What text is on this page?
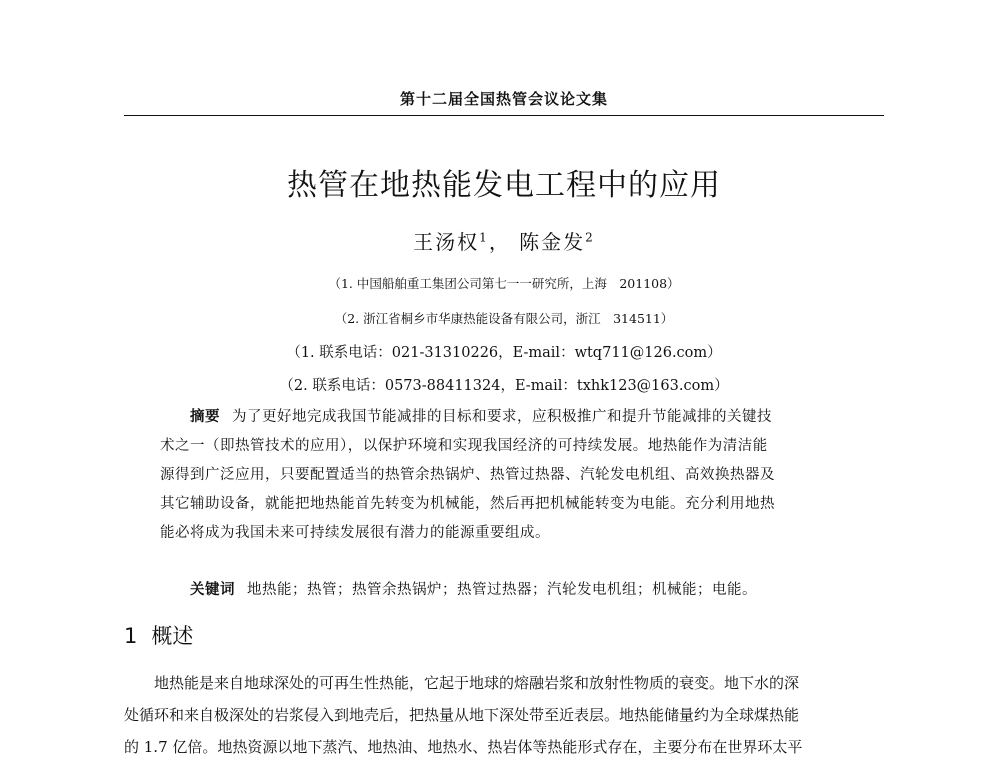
第十二届全国热管会议论文集
热管在地热能发电工程中的应用
王汤权$^1$， 陈金发$^2$
（1. 中国船舶重工集团公司第七一一研究所，上海　201108）
（2. 浙江省桐乡市华康热能设备有限公司，浙江　314511）
（1. 联系电话：021-31310226，E-mail：wtq711@126.com）
（2. 联系电话：0573-88411324，E-mail：txhk123@163.com）
摘要 为了更好地完成我国节能减排的目标和要求，应积极推广和提升节能减排的关键技
术之一（即热管技术的应用），以保护环境和实现我国经济的可持续发展。地热能作为清洁能
源得到广泛应用，只要配置适当的热管余热锅炉、热管过热器、汽轮发电机组、高效换热器及
其它辅助设备，就能把地热能首先转变为机械能，然后再把机械能转变为电能。充分利用地热
能必将成为我国未来可持续发展很有潜力的能源重要组成。
关键词 地热能；热管；热管余热锅炉；热管过热器；汽轮发电机组；机械能；电能。
1 概述
地热能是来自地球深处的可再生性热能，它起于地球的熔融岩浆和放射性物质的衰变。地下水的深
处循环和来自极深处的岩浆侵入到地壳后，把热量从地下深处带至近表层。地热能储量约为全球煤热能
的 1.7 亿倍。地热资源以地下蒸汽、地热油、地热水、热岩体等热能形式存在，主要分布在世界环太平
